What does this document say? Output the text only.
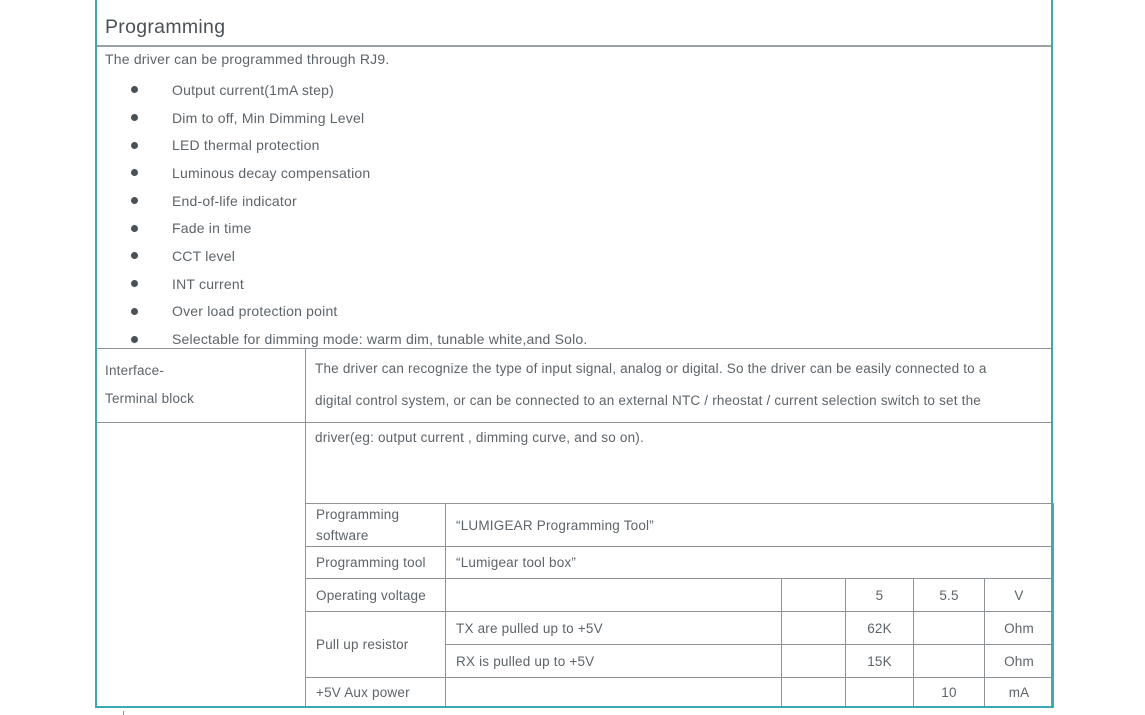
Programming
The driver can be programmed through RJ9.
Output current(1mA step)
Dim to off, Min Dimming Level
LED thermal protection
Luminous decay compensation
End-of-life indicator
Fade in time
CCT level
INT current
Over load protection point
Selectable for dimming mode: warm dim, tunable white,and Solo.
Interface-
Terminal block
The driver can recognize the type of input signal, analog or digital. So the driver can be easily connected to a
digital control system, or can be connected to an external NTC / rheostat / current selection switch to set the
driver(eg: output current , dimming curve, and so on).
Programming software	“LUMIGEAR Programming Tool”				
Programming tool	“Lumigear tool box”				
Operating voltage			5	5.5	V
Pull up resistor	TX are pulled up to +5V		62K		Ohm
	RX is pulled up to +5V		15K		Ohm
+5V Aux power				10	mA
